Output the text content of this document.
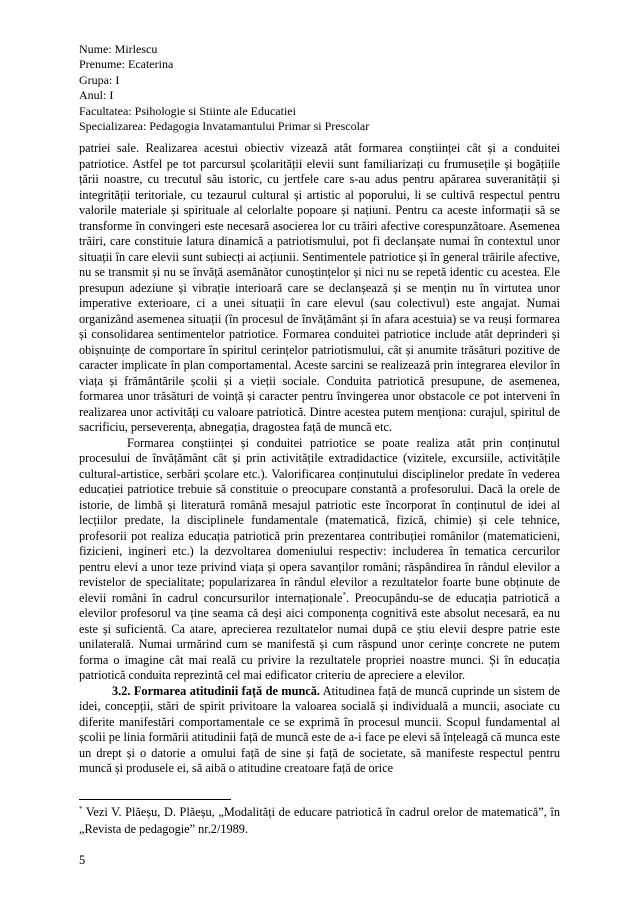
Nume: Mirlescu

Prenume: Ecaterina

Grupa: I

Anul: I

Facultatea: Psihologie si Stiinte ale Educatiei

Specializarea: Pedagogia Invatamantului Primar si Prescolar

patriei sale. Realizarea acestui obiectiv vizează atât formarea conștiinței cât și a conduitei patriotice. Astfel pe tot parcursul școlarității elevii sunt familiarizați cu frumusețile și bogățiile țării noastre, cu trecutul său istoric, cu jertfele care s-au adus pentru apărarea suveranității și integrității teritoriale, cu tezaurul cultural și artistic al poporului, li se cultivă respectul pentru valorile materiale și spirituale al celorlalte popoare și națiuni. Pentru ca aceste informații să se transforme în convingeri este necesară asocierea lor cu trăiri afective corespunzătoare. Asemenea trăiri, care constituie latura dinamică a patriotismului, pot fi declanșate numai în contextul unor situații în care elevii sunt subiecți ai acțiunii. Sentimentele patriotice și în general trăirile afective, nu se transmit și nu se învăță asemănător cunoștințelor și nici nu se repetă identic cu acestea. Ele presupun adeziune și vibrație interioară care se declanșează și se mențin nu în virtutea unor imperative exterioare, ci a unei situații în care elevul (sau colectivul) este angajat. Numai organizând asemenea situații (în procesul de învățământ și în afara acestuia) se va reuși formarea și consolidarea sentimentelor patriotice. Formarea conduitei patriotice include atât deprinderi și obișnuințe de comportare în spiritul cerințelor patriotismului, cât și anumite trăsături pozitive de caracter implicate în plan comportamental. Aceste sarcini se realizează prin integrarea elevilor în viața și frământările școlii și a vieții sociale. Conduita patriotică presupune, de asemenea, formarea unor trăsături de voință și caracter pentru învingerea unor obstacole ce pot interveni în realizarea unor activități cu valoare patriotică. Dintre acestea putem menționa: curajul, spiritul de sacrificiu, perseverența, abnegația, dragostea față de muncă etc.

Formarea conștiinței și conduitei patriotice se poate realiza atât prin conținutul procesului de învățământ cât și prin activitățile extradidactice (vizitele, excursiile, activitățile cultural-artistice, serbări școlare etc.). Valorificarea conținutului disciplinelor predate în vederea educației patriotice trebuie să constituie o preocupare constantă a profesorului. Dacă la orele de istorie, de limbă și literatură română mesajul patriotic este încorporat în conținutul de idei al lecțiilor predate, la disciplinele fundamentale (matematică, fizică, chimie) și cele tehnice, profesorii pot realiza educația patriotică prin prezentarea contribuției românilor (matematicieni, fizicieni, ingineri etc.) la dezvoltarea domeniului respectiv: includerea în tematica cercurilor pentru elevi a unor teze privind viața și opera savanților români; răspândirea în rândul elevilor a revistelor de specialitate; popularizarea în rândul elevilor a rezultatelor foarte bune obținute de elevii români în cadrul concursurilor internaționale*. Preocupându-se de educația patriotică a elevilor profesorul va ține seama că deși aici componența cognitivă este absolut necesară, ea nu este și suficientă. Ca atare, aprecierea rezultatelor numai după ce știu elevii despre patrie este unilaterală. Numai urmărind cum se manifestă și cum răspund unor cerințe concrete ne putem forma o imagine cât mai reală cu privire la rezultatele propriei noastre munci. Și în educația patriotică conduita reprezintă cel mai edificator criteriu de apreciere a elevilor.

3.2. Formarea atitudinii față de muncă. Atitudinea față de muncă cuprinde un sistem de idei, concepții, stări de spirit privitoare la valoarea socială și individuală a muncii, asociate cu diferite manifestări comportamentale ce se exprimă în procesul muncii. Scopul fundamental al școlii pe linia formării atitudinii față de muncă este de a-i face pe elevi să înțeleagă că munca este un drept și o datorie a omului față de sine și față de societate, să manifeste respectul pentru muncă și produsele ei, să aibă o atitudine creatoare față de orice

* Vezi V. Plăeșu, D. Plăeșu, „Modalități de educare patriotică în cadrul orelor de matematică”, în „Revista de pedagogie” nr.2/1989.

5
